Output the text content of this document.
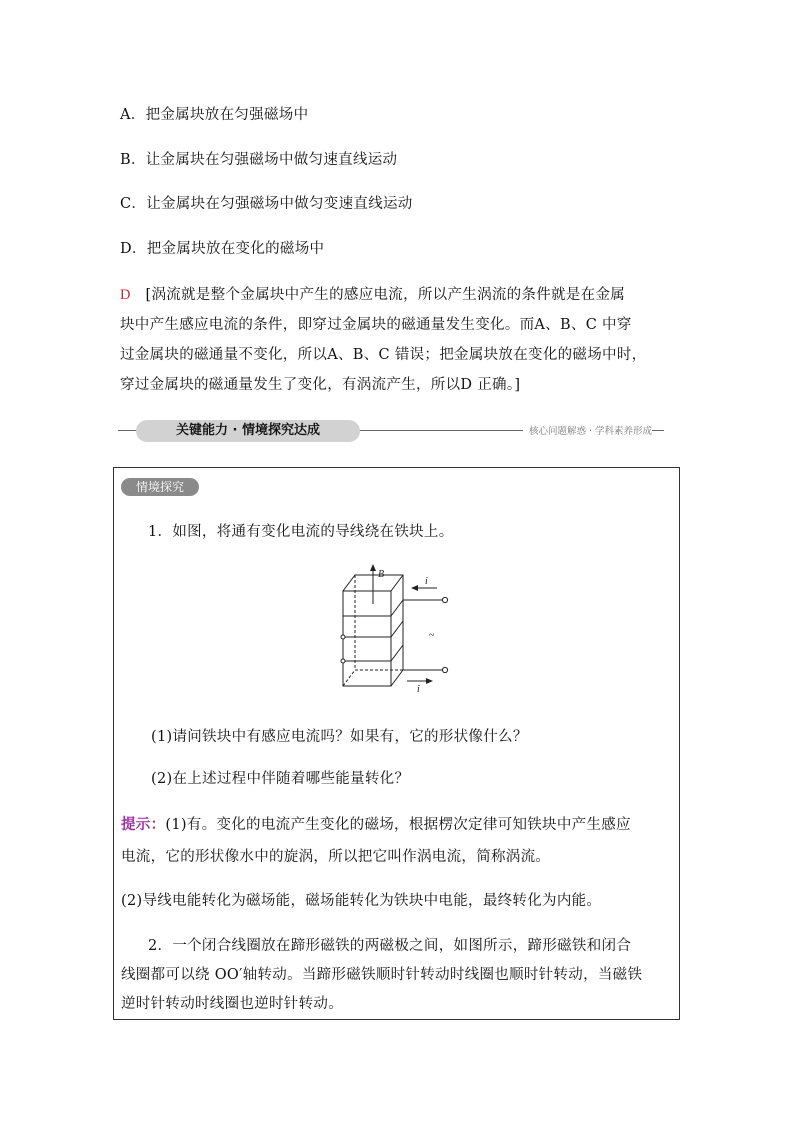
A．把金属块放在匀强磁场中
B．让金属块在匀强磁场中做匀速直线运动
C．让金属块在匀强磁场中做匀变速直线运动
D．把金属块放在变化的磁场中
D [涡流就是整个金属块中产生的感应电流，所以产生涡流的条件就是在金属
块中产生感应电流的条件，即穿过金属块的磁通量发生变化。而A、B、C 中穿
过金属块的磁通量不变化，所以A、B、C 错误；把金属块放在变化的磁场中时，
穿过金属块的磁通量发生了变化，有涡流产生，所以D 正确。]
关键能力 · 情境探究达成	核心问题解惑 · 学科素养形成
情境探究
1．如图，将通有变化电流的导线绕在铁块上。
B
i
~
i
(1)请问铁块中有感应电流吗？如果有，它的形状像什么？
(2)在上述过程中伴随着哪些能量转化？
提示：(1)有。变化的电流产生变化的磁场，根据楞次定律可知铁块中产生感应
电流，它的形状像水中的旋涡，所以把它叫作涡电流，简称涡流。
(2)导线电能转化为磁场能，磁场能转化为铁块中电能，最终转化为内能。
2．一个闭合线圈放在蹄形磁铁的两磁极之间，如图所示，蹄形磁铁和闭合
线圈都可以绕 OO′轴转动。当蹄形磁铁顺时针转动时线圈也顺时针转动，当磁铁
逆时针转动时线圈也逆时针转动。
